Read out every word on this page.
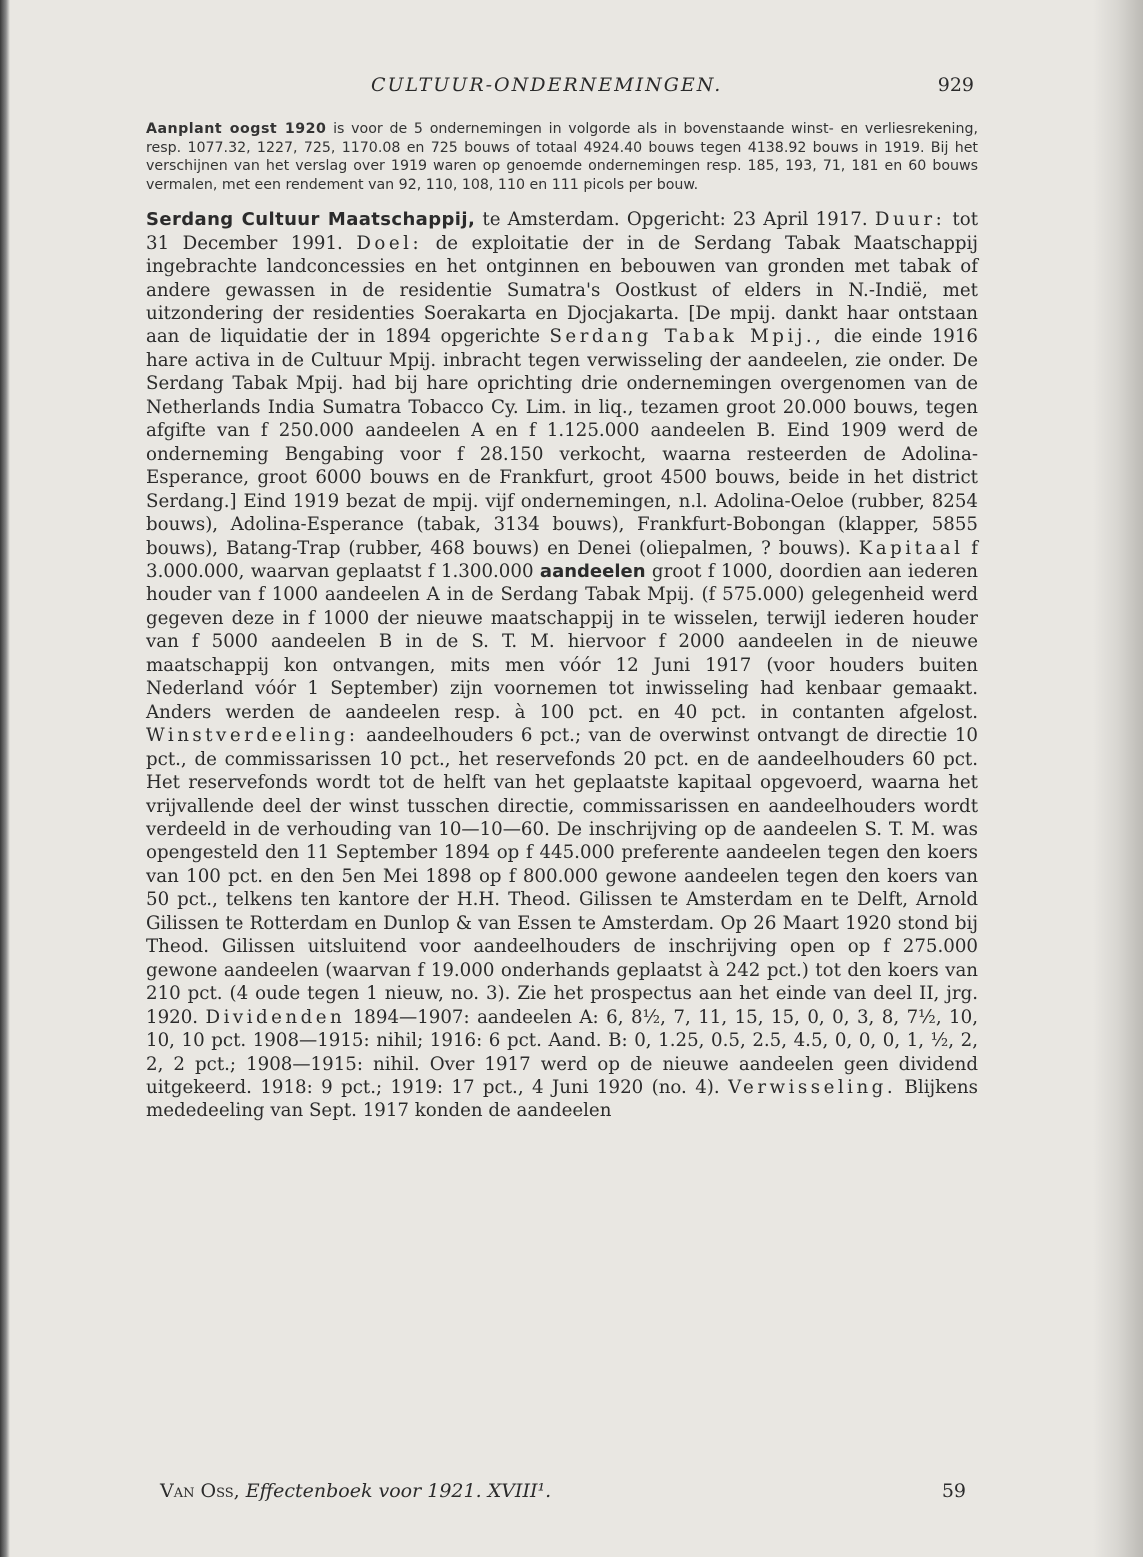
CULTUUR-ONDERNEMINGEN.	929

Aanplant oogst 1920 is voor de 5 ondernemingen in volgorde als in bovenstaande winst- en verliesrekening, resp. 1077.32, 1227, 725, 1170.08 en 725 bouws of totaal 4924.40 bouws tegen 4138.92 bouws in 1919. Bij het verschijnen van het verslag over 1919 waren op genoemde ondernemingen resp. 185, 193, 71, 181 en 60 bouws vermalen, met een rendement van 92, 110, 108, 110 en 111 picols per bouw.

Serdang Cultuur Maatschappij, te Amsterdam. Opgericht: 23 April 1917. Duur: tot 31 December 1991. Doel: de exploitatie der in de Serdang Tabak Maatschappij ingebrachte landconcessies en het ontginnen en bebouwen van gronden met tabak of andere gewassen in de residentie Sumatra's Oostkust of elders in N.-Indië, met uitzondering der residenties Soerakarta en Djocjakarta. [De mpij. dankt haar ontstaan aan de liquidatie der in 1894 opgerichte Serdang Tabak Mpij., die einde 1916 hare activa in de Cultuur Mpij. inbracht tegen verwisseling der aandeelen, zie onder. De Serdang Tabak Mpij. had bij hare oprichting drie ondernemingen overgenomen van de Netherlands India Sumatra Tobacco Cy. Lim. in liq., tezamen groot 20.000 bouws, tegen afgifte van f 250.000 aandeelen A en f 1.125.000 aandeelen B. Eind 1909 werd de onderneming Bengabing voor f 28.150 verkocht, waarna resteerden de Adolina-Esperance, groot 6000 bouws en de Frankfurt, groot 4500 bouws, beide in het district Serdang.] Eind 1919 bezat de mpij. vijf ondernemingen, n.l. Adolina-Oeloe (rubber, 8254 bouws), Adolina-Esperance (tabak, 3134 bouws), Frankfurt-Bobongan (klapper, 5855 bouws), Batang-Trap (rubber, 468 bouws) en Denei (oliepalmen, ? bouws). Kapitaal f 3.000.000, waarvan geplaatst f 1.300.000 aandeelen groot f 1000, doordien aan iederen houder van f 1000 aandeelen A in de Serdang Tabak Mpij. (f 575.000) gelegenheid werd gegeven deze in f 1000 der nieuwe maatschappij in te wisselen, terwijl iederen houder van f 5000 aandeelen B in de S. T. M. hiervoor f 2000 aandeelen in de nieuwe maatschappij kon ontvangen, mits men vóór 12 Juni 1917 (voor houders buiten Nederland vóór 1 September) zijn voornemen tot inwisseling had kenbaar gemaakt. Anders werden de aandeelen resp. à 100 pct. en 40 pct. in contanten afgelost. Winstverdeeling: aandeelhouders 6 pct.; van de overwinst ontvangt de directie 10 pct., de commissarissen 10 pct., het reservefonds 20 pct. en de aandeelhouders 60 pct. Het reservefonds wordt tot de helft van het geplaatste kapitaal opgevoerd, waarna het vrijvallende deel der winst tusschen directie, commissarissen en aandeelhouders wordt verdeeld in de verhouding van 10—10—60. De inschrijving op de aandeelen S. T. M. was opengesteld den 11 September 1894 op f 445.000 preferente aandeelen tegen den koers van 100 pct. en den 5en Mei 1898 op f 800.000 gewone aandeelen tegen den koers van 50 pct., telkens ten kantore der H.H. Theod. Gilissen te Amsterdam en te Delft, Arnold Gilissen te Rotterdam en Dunlop & van Essen te Amsterdam. Op 26 Maart 1920 stond bij Theod. Gilissen uitsluitend voor aandeelhouders de inschrijving open op f 275.000 gewone aandeelen (waarvan f 19.000 onderhands geplaatst à 242 pct.) tot den koers van 210 pct. (4 oude tegen 1 nieuw, no. 3). Zie het prospectus aan het einde van deel II, jrg. 1920. Dividenden 1894—1907: aandeelen A: 6, 8½, 7, 11, 15, 15, 0, 0, 3, 8, 7½, 10, 10, 10 pct. 1908—1915: nihil; 1916: 6 pct. Aand. B: 0, 1.25, 0.5, 2.5, 4.5, 0, 0, 0, 1, ½, 2, 2, 2 pct.; 1908—1915: nihil. Over 1917 werd op de nieuwe aandeelen geen dividend uitgekeerd. 1918: 9 pct.; 1919: 17 pct., 4 Juni 1920 (no. 4). Verwisseling. Blijkens mededeeling van Sept. 1917 konden de aandeelen

Van Oss, Effectenboek voor 1921. XVIII¹.	59
